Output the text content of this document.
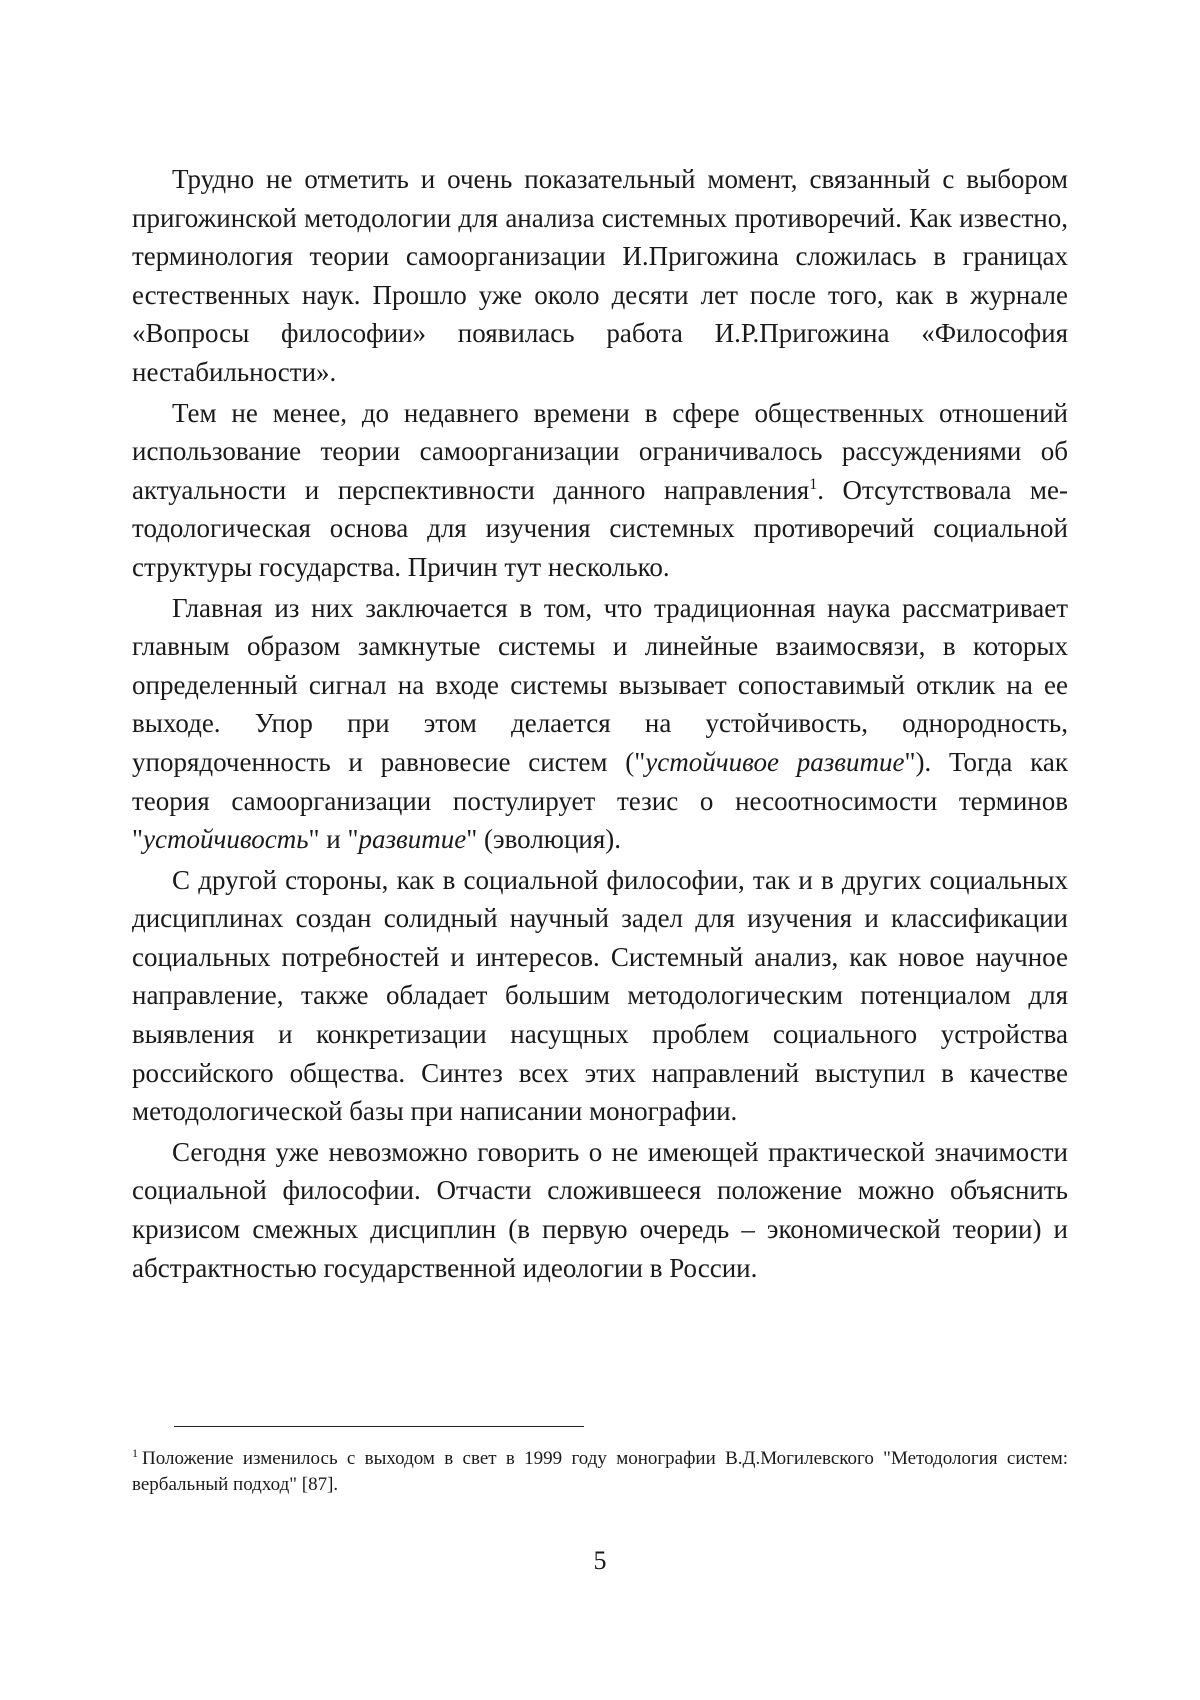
Трудно не отметить и очень показательный момент, связанный с выбором пригожинской методологии для анализа системных противоречий. Как известно, терминология теории самоорганизации И.Пригожина сложилась в границах естественных наук. Прошло уже около десяти лет после того, как в журнале «Вопросы философии» появилась работа И.Р.Пригожина «Философия нестабильности».

Тем не менее, до недавнего времени в сфере общественных отношений использование теории самоорганизации ограничивалось рассуждениями об актуальности и перспективности данного направления$^1$. Отсутствовала методологическая основа для изучения системных противоречий социальной структуры государства. Причин тут несколько.

Главная из них заключается в том, что традиционная наука рассматривает главным образом замкнутые системы и линейные взаимосвязи, в которых определенный сигнал на входе системы вызывает сопоставимый отклик на ее выходе. Упор при этом делается на устойчивость, однородность, упорядоченность и равновесие систем ("устойчивое развитие"). Тогда как теория самоорганизации постулирует тезис о несоотносимости терминов "устойчивость" и "развитие" (эволюция).

С другой стороны, как в социальной философии, так и в других социальных дисциплинах создан солидный научный задел для изучения и классификации социальных потребностей и интересов. Системный анализ, как новое научное направление, также обладает большим методологическим потенциалом для выявления и конкретизации насущных проблем социального устройства российского общества. Синтез всех этих направлений выступил в качестве методологической базы при написании монографии.

Сегодня уже невозможно говорить о не имеющей практической значимости социальной философии. Отчасти сложившееся положение можно объяснить кризисом смежных дисциплин (в первую очередь – экономической теории) и абстрактностью государственной идеологии в России.

$^1$ Положение изменилось с выходом в свет в 1999 году монографии В.Д.Могилевского "Методология систем: вербальный подход" [87].
5
